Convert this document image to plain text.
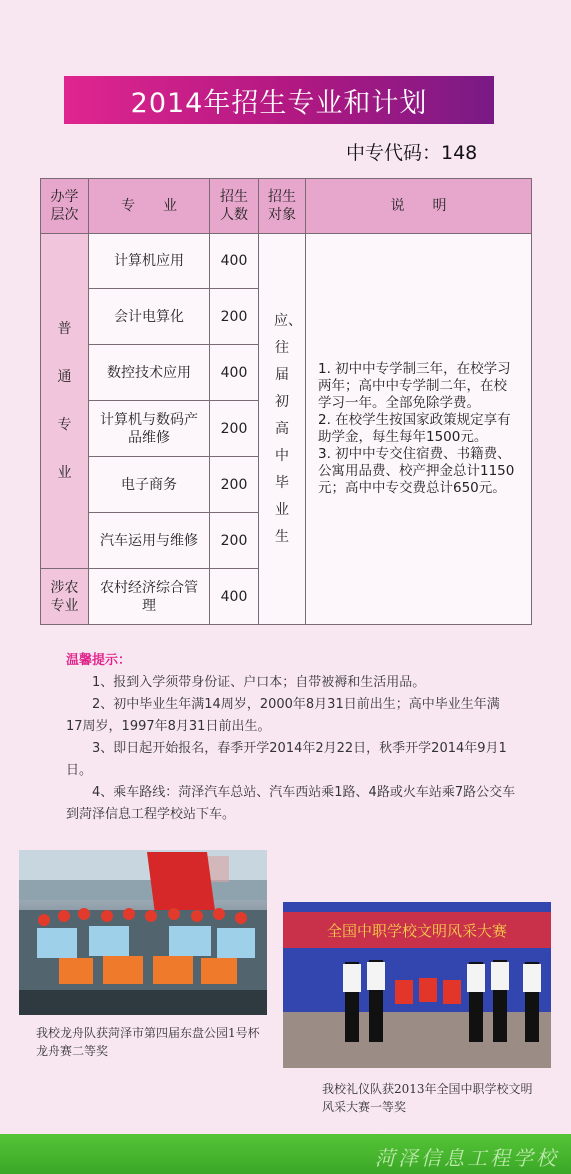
2014年招生专业和计划
中专代码：148
办学层次	专　　业	招生人数	招生对象	说　　明
普通专业	计算机应用	400	应、往届初高中毕业生	1. 初中中专学制三年，在校学习两年；高中中专学制二年，在校学习一年。全部免除学费。
2. 在校学生按国家政策规定享有助学金，每生每年1500元。
3. 初中中专交住宿费、书籍费、公寓用品费、校产押金总计1150元；高中中专交费总计650元。

	会计电算化	200		
	数控技术应用	400		
	计算机与数码产品维修	200		
	电子商务	200		
	汽车运用与维修	200		
涉农专业	农村经济综合管理	400		
温馨提示：

1、报到入学须带身份证、户口本；自带被褥和生活用品。

2、初中毕业生年满14周岁，2000年8月31日前出生；高中毕业生年满 17周岁，1997年8月31日前出生。

3、即日起开始报名，春季开学2014年2月22日，秋季开学2014年9月1日。

4、乘车路线：菏泽汽车总站、汽车西站乘1路、4路或火车站乘7路公交车到菏泽信息工程学校站下车。

我校龙舟队获菏泽市第四届东盘公园1号杯龙舟赛二等奖
全国中职学校文明风采大赛
我校礼仪队获2013年全国中职学校文明风采大赛一等奖
菏泽信息工程学校
